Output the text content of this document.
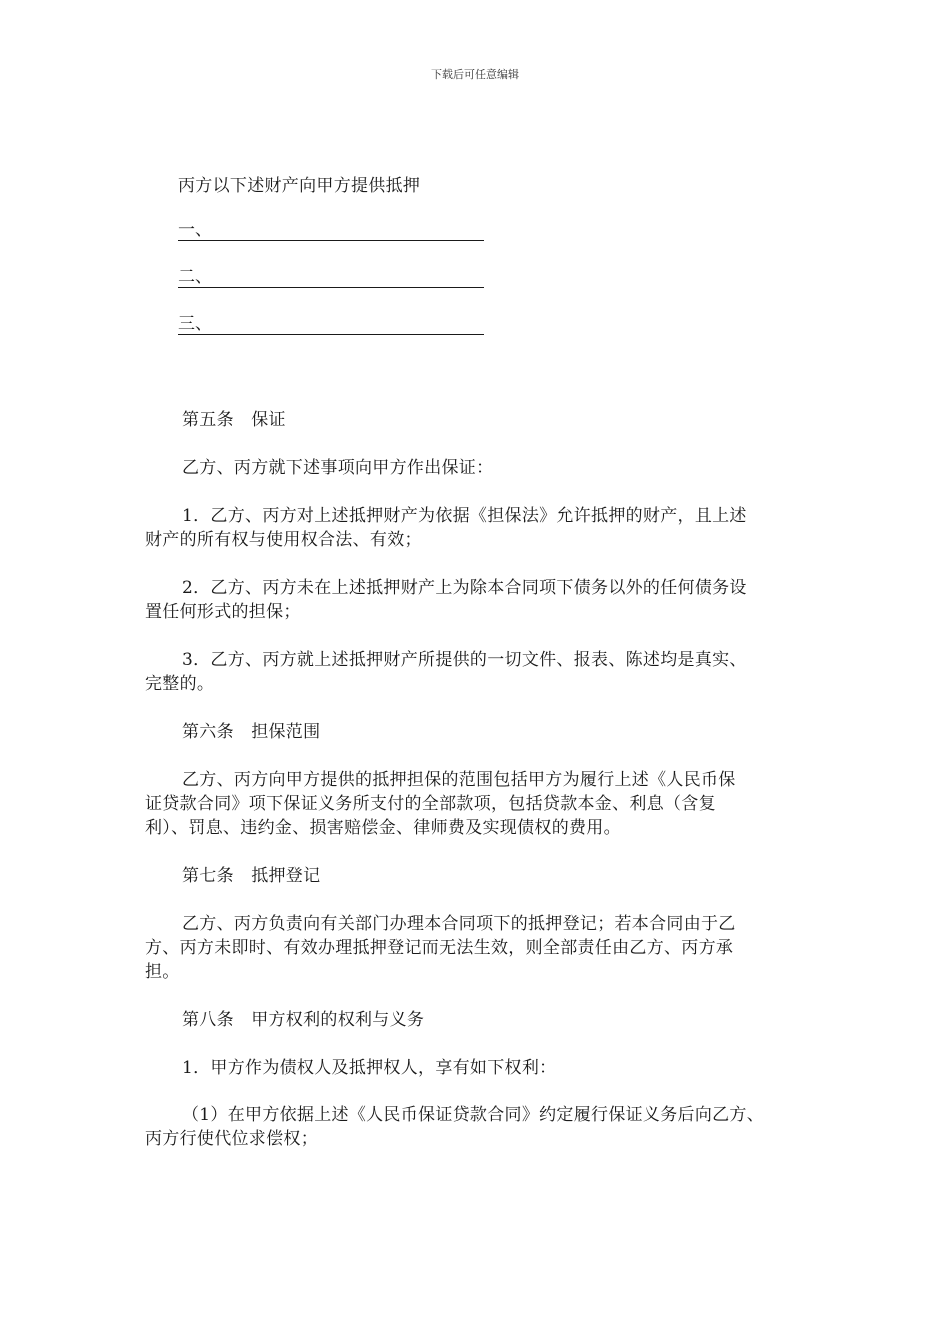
下载后可任意编辑
丙方以下述财产向甲方提供抵押
一、
二、
三、
第五条　保证
乙方、丙方就下述事项向甲方作出保证：
1．乙方、丙方对上述抵押财产为依据《担保法》允许抵押的财产，且上述
财产的所有权与使用权合法、有效；
2．乙方、丙方未在上述抵押财产上为除本合同项下债务以外的任何债务设
置任何形式的担保；
3．乙方、丙方就上述抵押财产所提供的一切文件、报表、陈述均是真实、
完整的。
第六条　担保范围
乙方、丙方向甲方提供的抵押担保的范围包括甲方为履行上述《人民币保
证贷款合同》项下保证义务所支付的全部款项，包括贷款本金、利息（含复
利）、罚息、违约金、损害赔偿金、律师费及实现债权的费用。
第七条　抵押登记
乙方、丙方负责向有关部门办理本合同项下的抵押登记；若本合同由于乙
方、丙方未即时、有效办理抵押登记而无法生效，则全部责任由乙方、丙方承
担。
第八条　甲方权利的权利与义务
1．甲方作为债权人及抵押权人，享有如下权利：
（1）在甲方依据上述《人民币保证贷款合同》约定履行保证义务后向乙方、
丙方行使代位求偿权；
